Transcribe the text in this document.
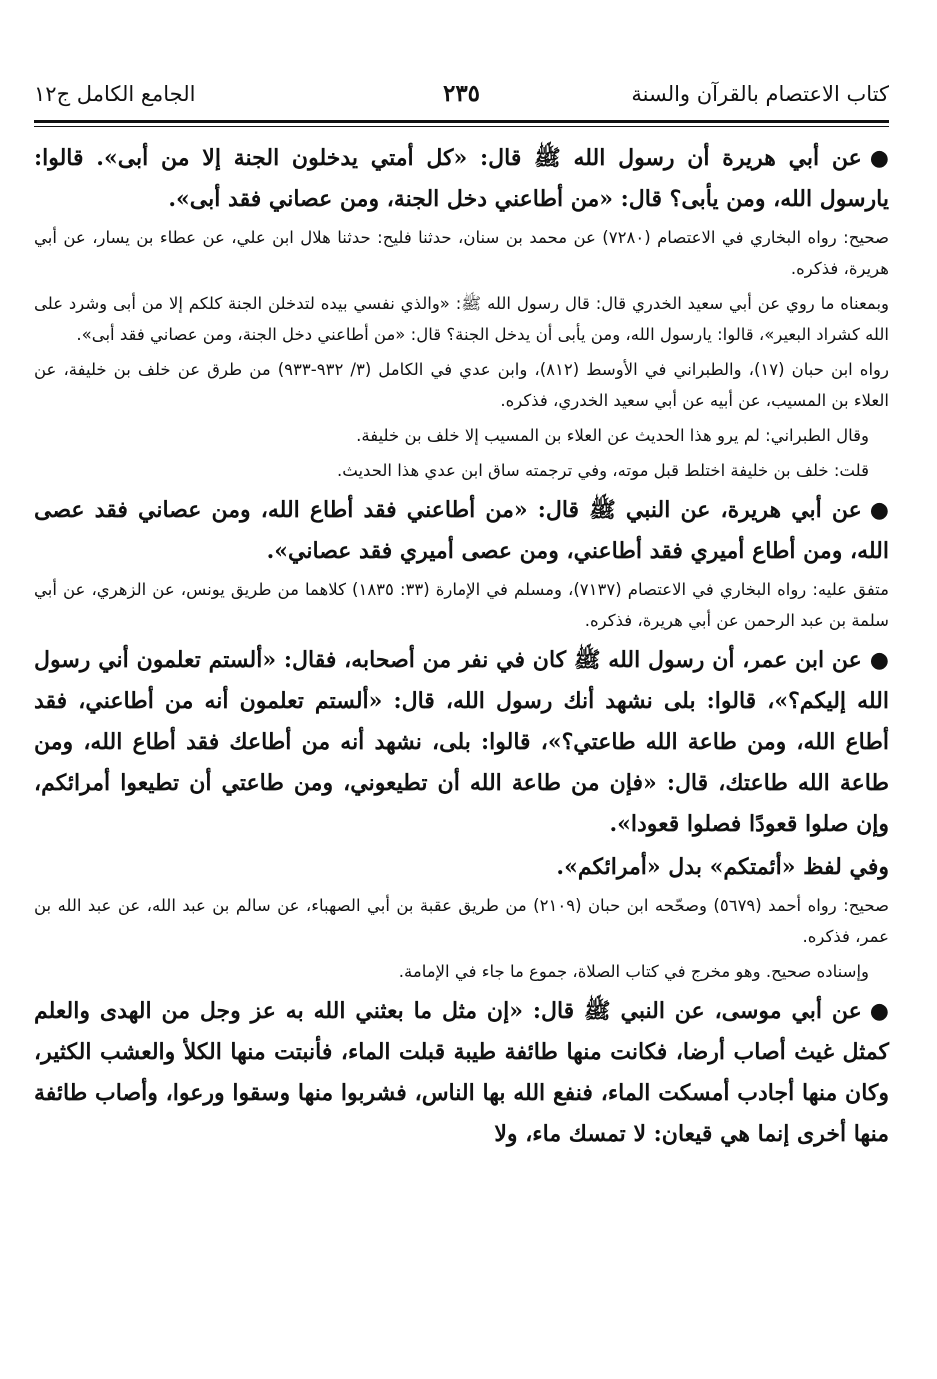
كتاب الاعتصام بالقرآن والسنة
٢٣٥
الجامع الكامل ج١٢

●عن أبي هريرة أن رسول الله ﷺ قال: «كل أمتي يدخلون الجنة إلا من أبى». قالوا: يارسول الله، ومن يأبى؟ قال: «من أطاعني دخل الجنة، ومن عصاني فقد أبى».

صحيح: رواه البخاري في الاعتصام (٧٢٨٠) عن محمد بن سنان، حدثنا فليح: حدثنا هلال ابن علي، عن عطاء بن يسار، عن أبي هريرة، فذكره.

وبمعناه ما روي عن أبي سعيد الخدري قال: قال رسول الله ﷺ: «والذي نفسي بيده لتدخلن الجنة كلكم إلا من أبى وشرد على الله كشراد البعير»، قالوا: يارسول الله، ومن يأبى أن يدخل الجنة؟ قال: «من أطاعني دخل الجنة، ومن عصاني فقد أبى».

رواه ابن حبان (١٧)، والطبراني في الأوسط (٨١٢)، وابن عدي في الكامل (٣/ ٩٣٢-٩٣٣) من طرق عن خلف بن خليفة، عن العلاء بن المسيب، عن أبيه عن أبي سعيد الخدري، فذكره.

وقال الطبراني: لم يرو هذا الحديث عن العلاء بن المسيب إلا خلف بن خليفة.

قلت: خلف بن خليفة اختلط قبل موته، وفي ترجمته ساق ابن عدي هذا الحديث.

●عن أبي هريرة، عن النبي ﷺ قال: «من أطاعني فقد أطاع الله، ومن عصاني فقد عصى الله، ومن أطاع أميري فقد أطاعني، ومن عصى أميري فقد عصاني».

متفق عليه: رواه البخاري في الاعتصام (٧١٣٧)، ومسلم في الإمارة (٣٣: ١٨٣٥) كلاهما من طريق يونس، عن الزهري، عن أبي سلمة بن عبد الرحمن عن أبي هريرة، فذكره.

●عن ابن عمر، أن رسول الله ﷺ كان في نفر من أصحابه، فقال: «ألستم تعلمون أني رسول الله إليكم؟»، قالوا: بلى نشهد أنك رسول الله، قال: «ألستم تعلمون أنه من أطاعني، فقد أطاع الله، ومن طاعة الله طاعتي؟»، قالوا: بلى، نشهد أنه من أطاعك فقد أطاع الله، ومن طاعة الله طاعتك، قال: «فإن من طاعة الله أن تطيعوني، ومن طاعتي أن تطيعوا أمرائكم، وإن صلوا قعودًا فصلوا قعودا».

وفي لفظ «أئمتكم» بدل «أمرائكم».

صحيح: رواه أحمد (٥٦٧٩) وصحّحه ابن حبان (٢١٠٩) من طريق عقبة بن أبي الصهباء، عن سالم بن عبد الله، عن عبد الله بن عمر، فذكره.

وإسناده صحيح. وهو مخرج في كتاب الصلاة، جموع ما جاء في الإمامة.

●عن أبي موسى، عن النبي ﷺ قال: «إن مثل ما بعثني الله به عز وجل من الهدى والعلم كمثل غيث أصاب أرضا، فكانت منها طائفة طيبة قبلت الماء، فأنبتت منها الكلأ والعشب الكثير، وكان منها أجادب أمسكت الماء، فنفع الله بها الناس، فشربوا منها وسقوا ورعوا، وأصاب طائفة منها أخرى إنما هي قيعان: لا تمسك ماء، ولا
